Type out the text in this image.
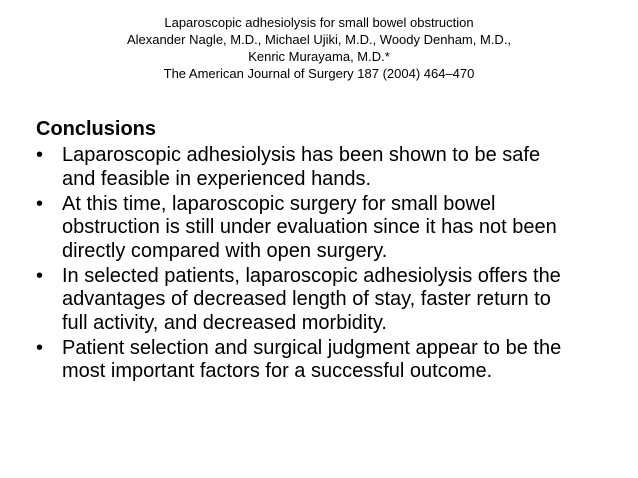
Laparoscopic adhesiolysis for small bowel obstruction
Alexander Nagle, M.D., Michael Ujiki, M.D., Woody Denham, M.D.,
Kenric Murayama, M.D.*
The American Journal of Surgery 187 (2004) 464–470
Conclusions
• Laparoscopic adhesiolysis has been shown to be safe
and feasible in experienced hands.
• At this time, laparoscopic surgery for small bowel
obstruction is still under evaluation since it has not been
directly compared with open surgery.
• In selected patients, laparoscopic adhesiolysis offers the
advantages of decreased length of stay, faster return to
full activity, and decreased morbidity.
• Patient selection and surgical judgment appear to be the
most important factors for a successful outcome.
